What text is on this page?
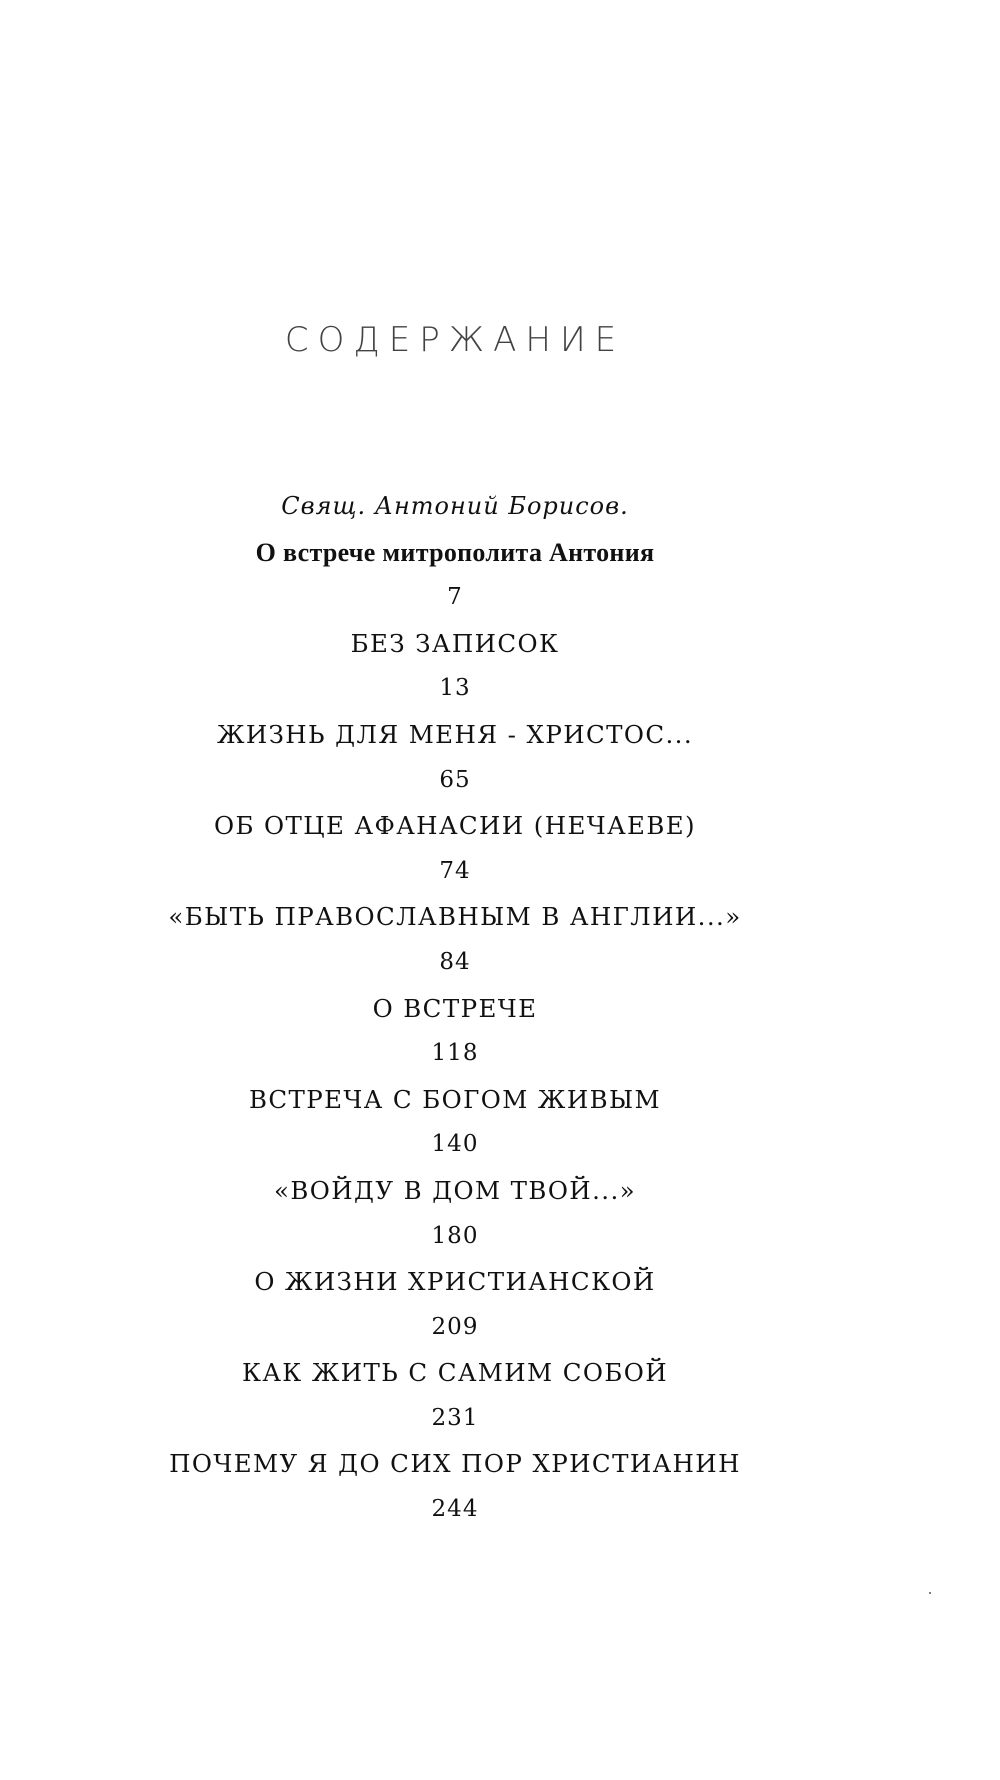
СОДЕРЖАНИЕ
Свящ. Антоний Борисов.
О встрече митрополита Антония
7
БЕЗ ЗАПИСОК
13
ЖИЗНЬ ДЛЯ МЕНЯ - ХРИСТОС...
65
ОБ ОТЦЕ АФАНАСИИ (НЕЧАЕВЕ)
74
«БЫТЬ ПРАВОСЛАВНЫМ В АНГЛИИ...»
84
О ВСТРЕЧЕ
118
ВСТРЕЧА С БОГОМ ЖИВЫМ
140
«ВОЙДУ В ДОМ ТВОЙ...»
180
О ЖИЗНИ ХРИСТИАНСКОЙ
209
КАК ЖИТЬ С САМИМ СОБОЙ
231
ПОЧЕМУ Я ДО СИХ ПОР ХРИСТИАНИН
244
